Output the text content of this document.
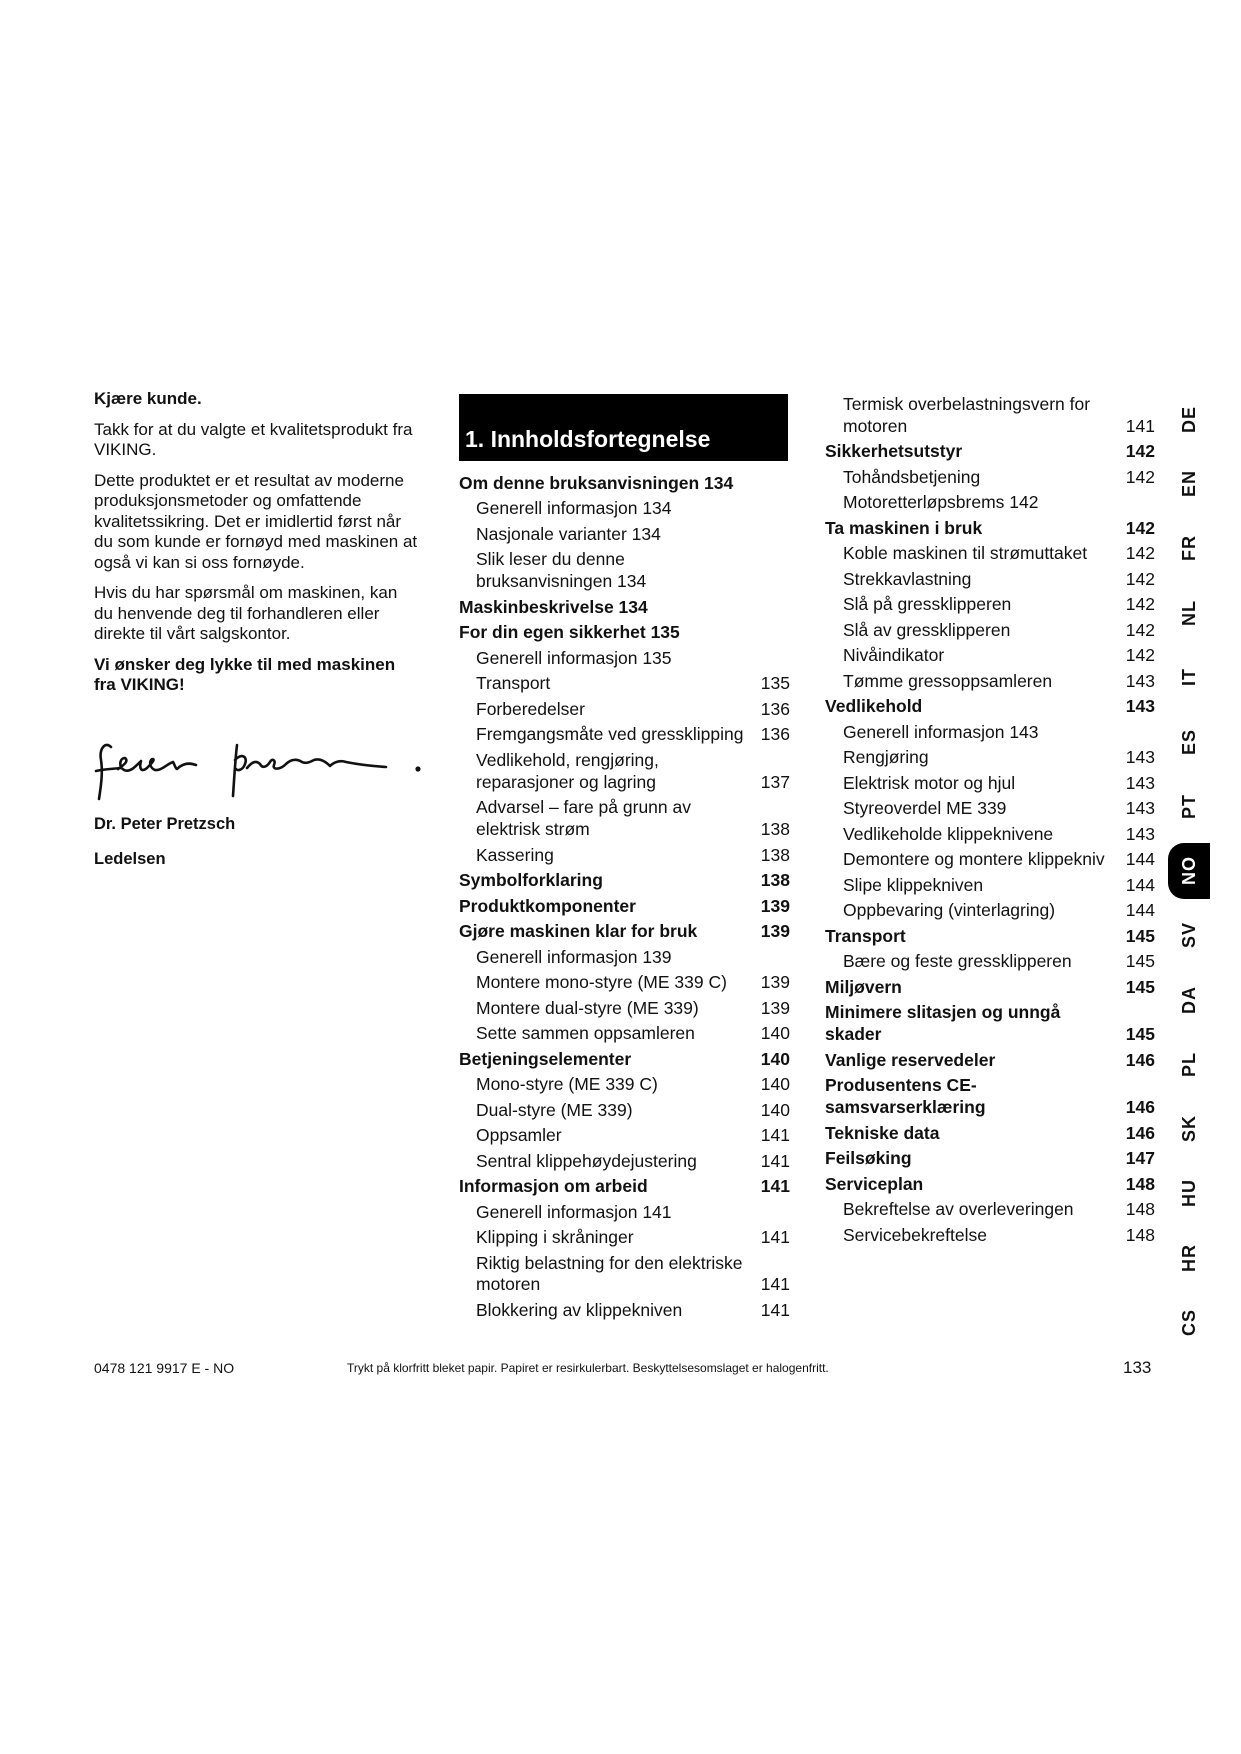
Kjære kunde.
Takk for at du valgte et kvalitetsprodukt fra
VIKING.
Dette produktet er et resultat av moderne
produksjonsmetoder og omfattende
kvalitetssikring. Det er imidlertid først når
du som kunde er fornøyd med maskinen at
også vi kan si oss fornøyde.
Hvis du har spørsmål om maskinen, kan
du henvende deg til forhandleren eller
direkte til vårt salgskontor.
Vi ønsker deg lykke til med maskinen
fra VIKING!
Dr. Peter Pretzsch
Ledelsen
1. Innholdsfortegnelse
Om denne bruksanvisningen 134
Generell informasjon 134
Nasjonale varianter 134
Slik leser du denne
bruksanvisningen 134
Maskinbeskrivelse 134
For din egen sikkerhet 135
Generell informasjon 135
Transport	135
Forberedelser	136
Fremgangsmåte ved gressklipping 136
Vedlikehold, rengjøring,
reparasjoner og lagring	137
Advarsel – fare på grunn av
elektrisk strøm	138
Kassering	138
Symbolforklaring	138
Produktkomponenter	139
Gjøre maskinen klar for bruk	139
Generell informasjon 139
Montere mono-styre (ME 339 C) 139
Montere dual-styre (ME 339)	139
Sette sammen oppsamleren	140
Betjeningselementer	140
Mono-styre (ME 339 C)	140
Dual-styre (ME 339)	140
Oppsamler	141
Sentral klippehøydejustering	141
Informasjon om arbeid	141
Generell informasjon 141
Klipping i skråninger	141
Riktig belastning for den elektriske
motoren	141
Blokkering av klippekniven	141
Termisk overbelastningsvern for
motoren	141
Sikkerhetsutstyr	142
Tohåndsbetjening	142
Motoretterløpsbrems 142
Ta maskinen i bruk	142
Koble maskinen til strømuttaket 142
Strekkavlastning	142
Slå på gressklipperen	142
Slå av gressklipperen	142
Nivåindikator	142
Tømme gressoppsamleren	143
Vedlikehold	143
Generell informasjon 143
Rengjøring	143
Elektrisk motor og hjul	143
Styreoverdel ME 339	143
Vedlikeholde klippeknivene	143
Demontere og montere klippekniv 144
Slipe klippekniven	144
Oppbevaring (vinterlagring)	144
Transport	145
Bære og feste gressklipperen	145
Miljøvern	145
Minimere slitasjen og unngå
skader	145
Vanlige reservedeler	146
Produsentens CE-
samsvarserklæring	146
Tekniske data	146
Feilsøking	147
Serviceplan	148
Bekreftelse av overleveringen	148
Servicebekreftelse	148
DE
EN
FR
NL
IT
ES
PT
NO
SV
DA
PL
SK
HU
HR
CS
0478 121 9917 E - NO	Trykt på klorfritt bleket papir. Papiret er resirkulerbart. Beskyttelsesomslaget er halogenfritt.	133
